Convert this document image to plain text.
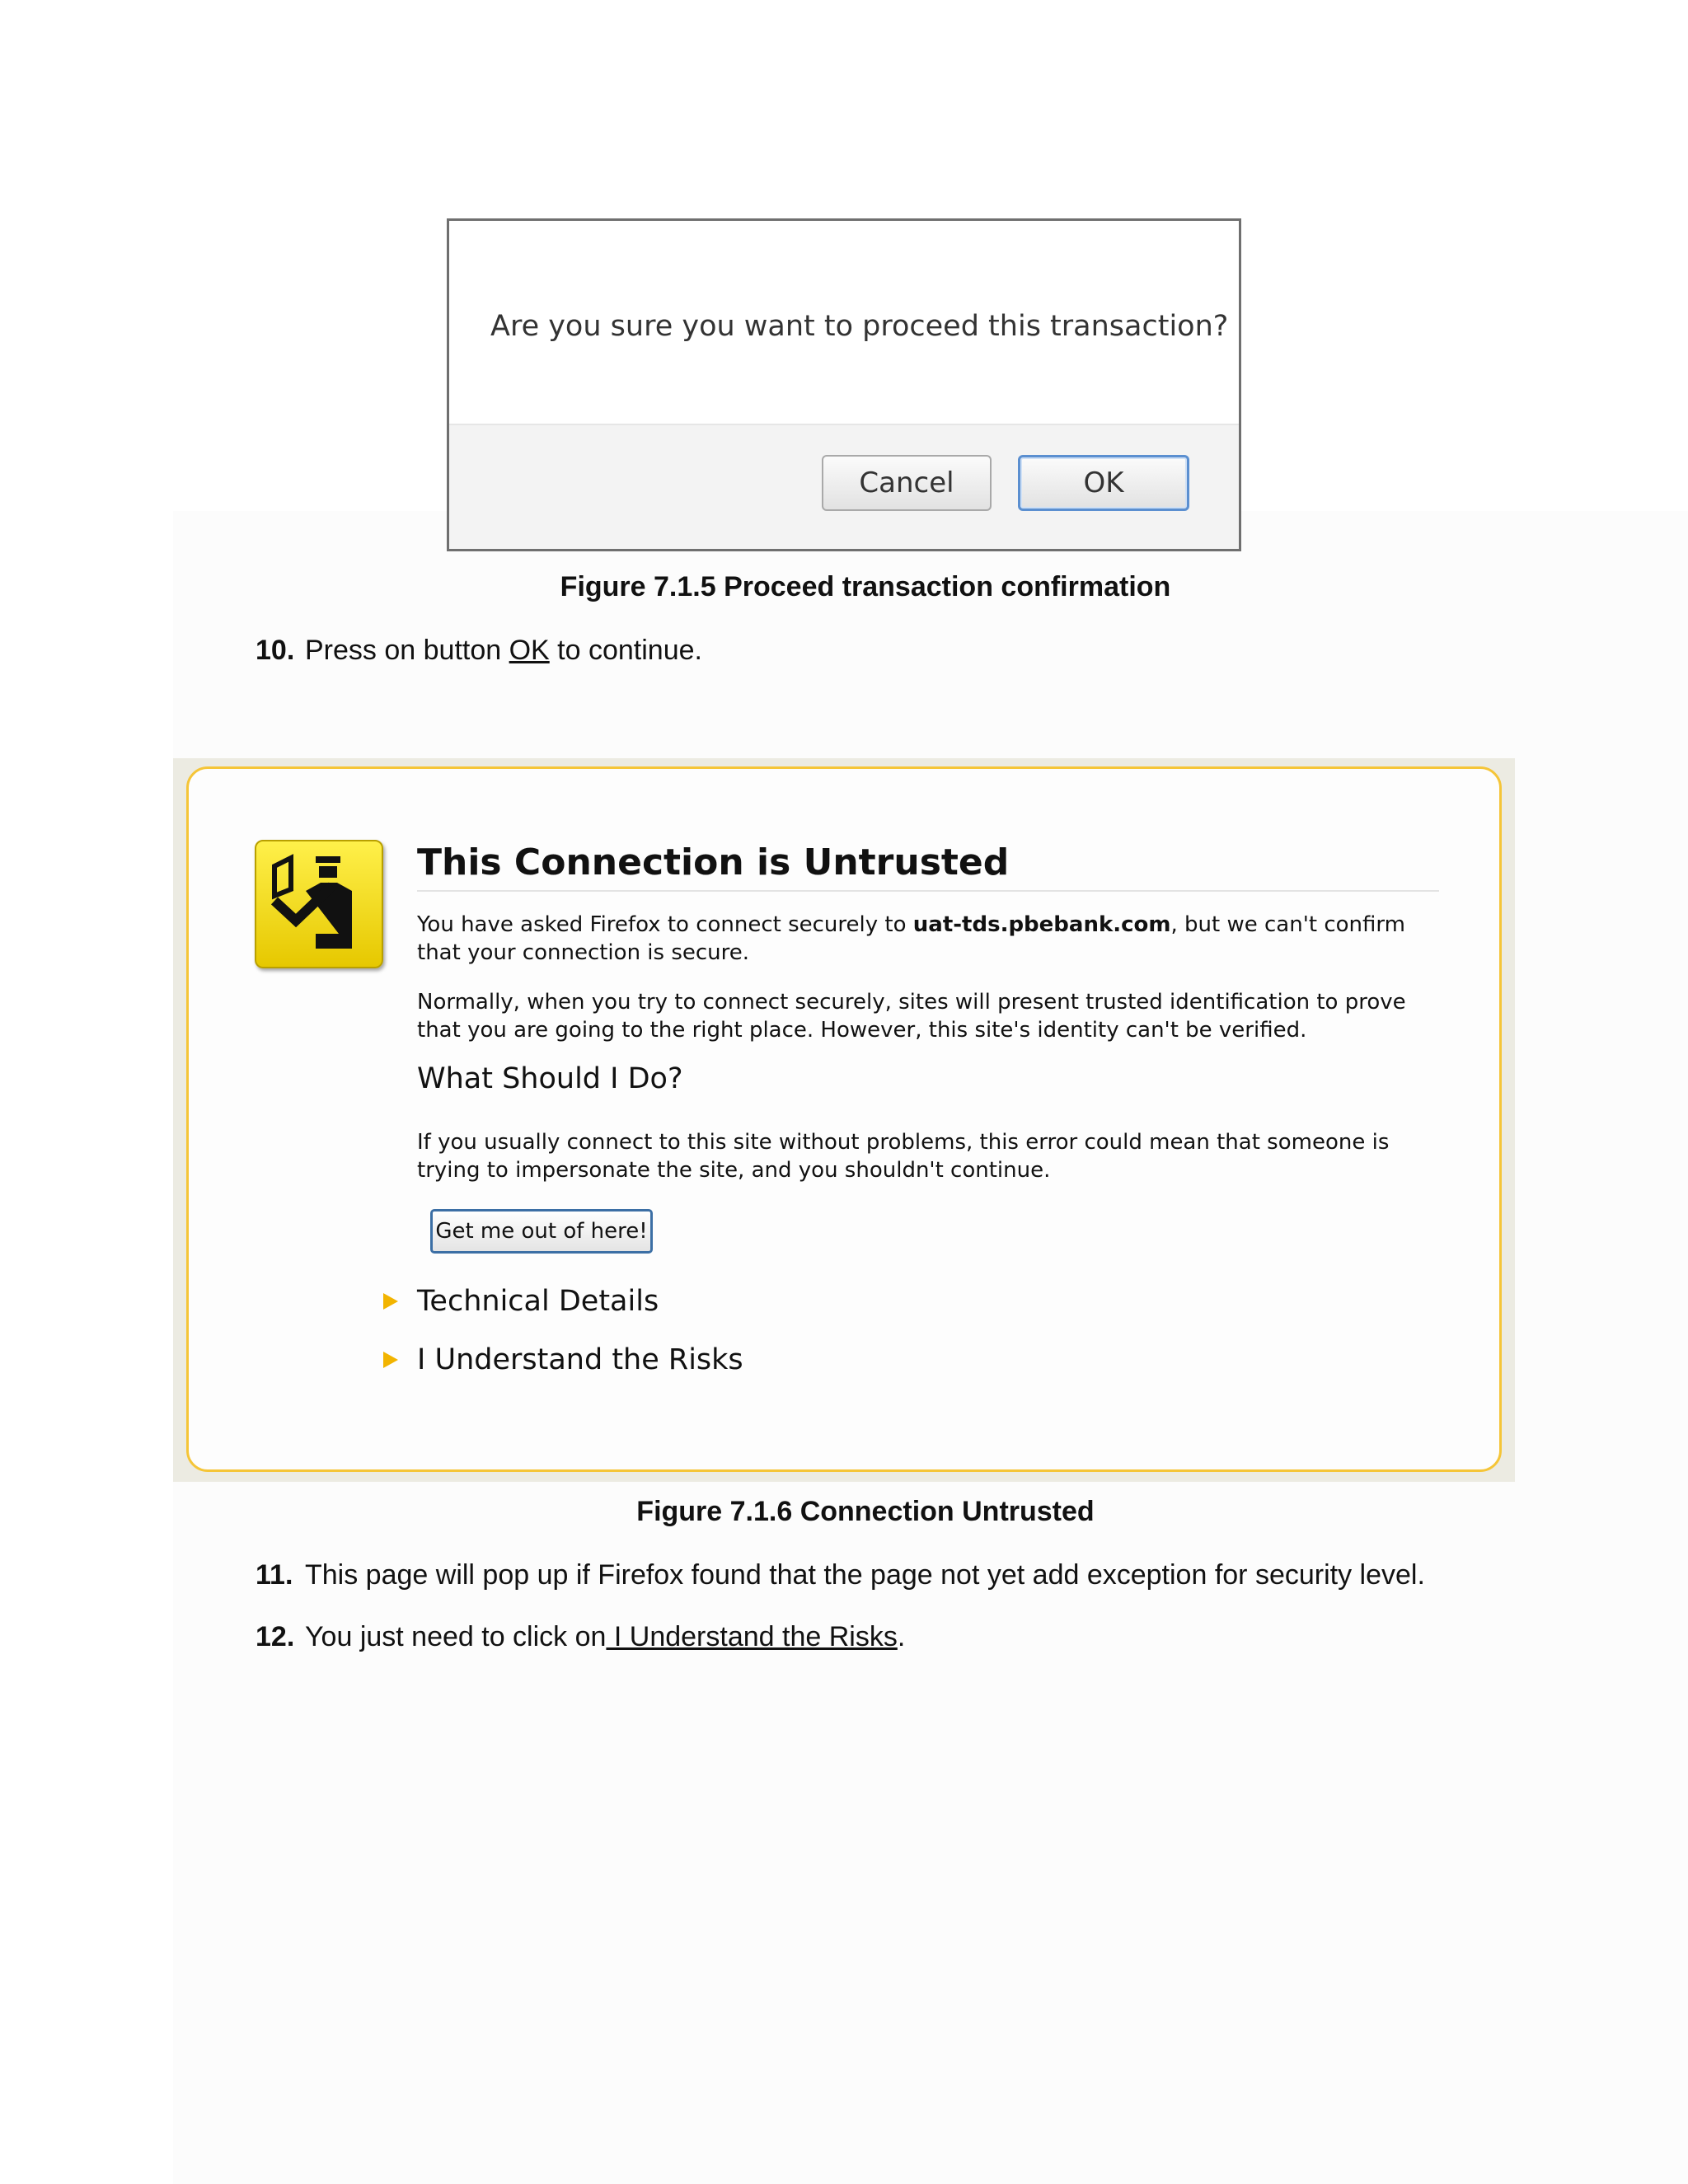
Are you sure you want to proceed this transaction?
Cancel	OK
Figure 7.1.5 Proceed transaction confirmation
10. Press on button OK to continue.
This Connection is Untrusted
You have asked Firefox to connect securely to uat-tds.pbebank.com, but we can't confirm that your connection is secure.
Normally, when you try to connect securely, sites will present trusted identification to prove that you are going to the right place. However, this site's identity can't be verified.
What Should I Do?
If you usually connect to this site without problems, this error could mean that someone is trying to impersonate the site, and you shouldn't continue.
Get me out of here!
Technical Details
I Understand the Risks
Figure 7.1.6 Connection Untrusted
11. This page will pop up if Firefox found that the page not yet add exception for security level.
12. You just need to click on I Understand the Risks.
